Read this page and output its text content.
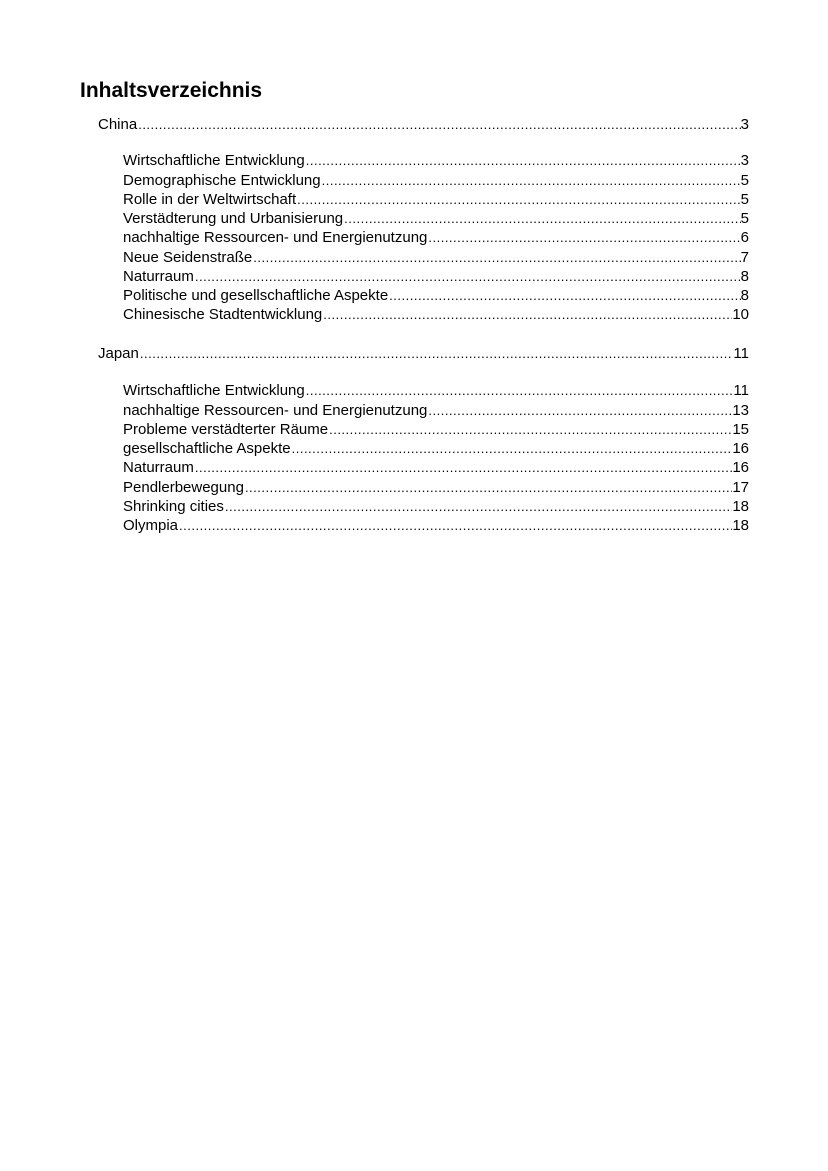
Inhaltsverzeichnis
China .....	3
Wirtschaftliche Entwicklung .....	3
Demographische Entwicklung .....	5
Rolle in der Weltwirtschaft .....	5
Verstädterung und Urbanisierung .....	5
nachhaltige Ressourcen- und Energienutzung .....	6
Neue Seidenstraße .....	7
Naturraum .....	8
Politische und gesellschaftliche Aspekte .....	8
Chinesische Stadtentwicklung .....	10
Japan .....	11
Wirtschaftliche Entwicklung .....	11
nachhaltige Ressourcen- und Energienutzung .....	13
Probleme verstädterter Räume .....	15
gesellschaftliche Aspekte .....	16
Naturraum .....	16
Pendlerbewegung .....	17
Shrinking cities .....	18
Olympia .....	18
